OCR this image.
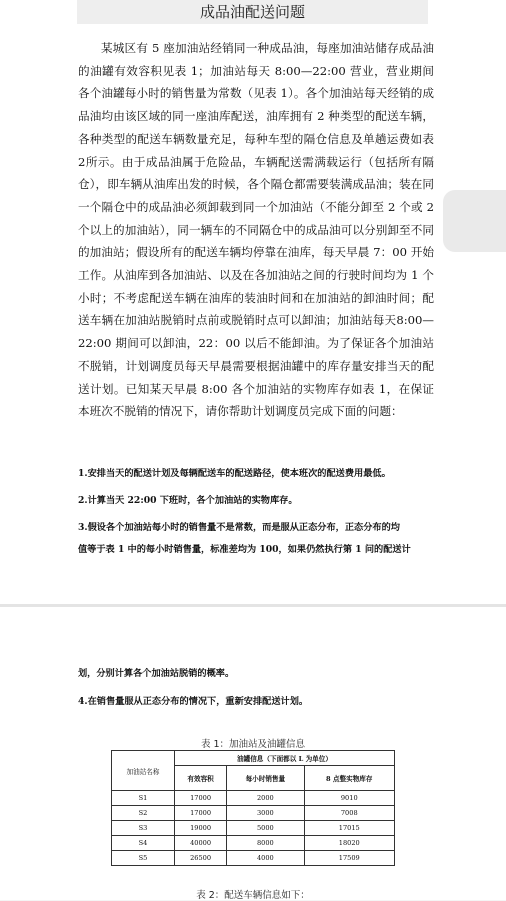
成品油配送问题

某城区有 5 座加油站经销同一种成品油，每座加油站储存成品油的油罐有效容积见表 1；加油站每天 8:00—22:00 营业，营业期间各个油罐每小时的销售量为常数（见表 1）。各个加油站每天经销的成品油均由该区域的同一座油库配送，油库拥有 2 种类型的配送车辆，各种类型的配送车辆数量充足，每种车型的隔仓信息及单趟运费如表 2所示。由于成品油属于危险品，车辆配送需满载运行（包括所有隔仓），即车辆从油库出发的时候，各个隔仓都需要装满成品油；装在同一个隔仓中的成品油必须卸载到同一个加油站（不能分卸至 2 个或 2 个以上的加油站），同一辆车的不同隔仓中的成品油可以分别卸至不同的加油站；假设所有的配送车辆均停靠在油库，每天早晨 7：00 开始工作。从油库到各加油站、以及在各加油站之间的行驶时间均为 1 个小时；不考虑配送车辆在油库的装油时间和在加油站的卸油时间；配送车辆在加油站脱销时点前或脱销时点可以卸油；加油站每天8:00—22:00 期间可以卸油，22：00 以后不能卸油。为了保证各个加油站不脱销，计划调度员每天早晨需要根据油罐中的库存量安排当天的配送计划。已知某天早晨 8:00 各个加油站的实物库存如表 1，在保证本班次不脱销的情况下，请你帮助计划调度员完成下面的问题：

1.安排当天的配送计划及每辆配送车的配送路径，使本班次的配送费用最低。

2.计算当天 22:00 下班时，各个加油站的实物库存。

3.假设各个加油站每小时的销售量不是常数，而是服从正态分布，正态分布的均

值等于表 1 中的每小时销售量，标准差均为 100，如果仍然执行第 1 问的配送计

划，分别计算各个加油站脱销的概率。

4.在销售量服从正态分布的情况下，重新安排配送计划。

表 1：加油站及油罐信息
加油站名称	油罐信息（下面都以 L 为单位）		
	有效容积	每小时销售量	8 点整实物库存
S1	17000	2000	9010
S2	17000	3000	7008
S3	19000	5000	17015
S4	40000	8000	18020
S5	26500	4000	17509
表 2：配送车辆信息如下：
